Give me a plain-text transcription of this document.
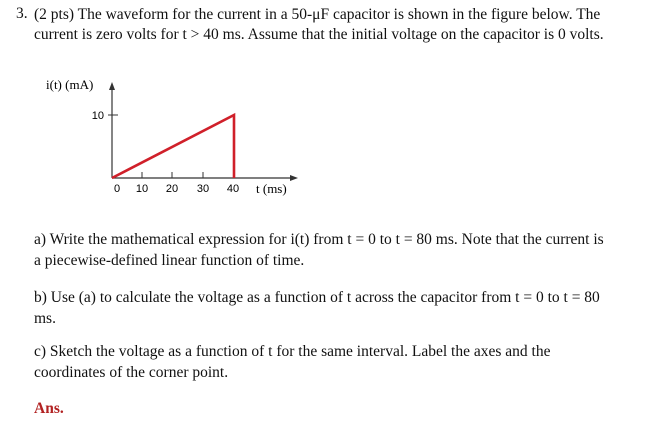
3. (2 pts) The waveform for the current in a 50-μF capacitor is shown in the figure below. The
current is zero volts for t > 40 ms. Assume that the initial voltage on the capacitor is 0 volts.
10
0 10 20 30 40
i(t) (mA)
t (ms)
a) Write the mathematical expression for i(t) from t = 0 to t = 80 ms. Note that the current is
a piecewise-defined linear function of time.
b) Use (a) to calculate the voltage as a function of t across the capacitor from t = 0 to t = 80
ms.
c) Sketch the voltage as a function of t for the same interval. Label the axes and the
coordinates of the corner point.
Ans.
